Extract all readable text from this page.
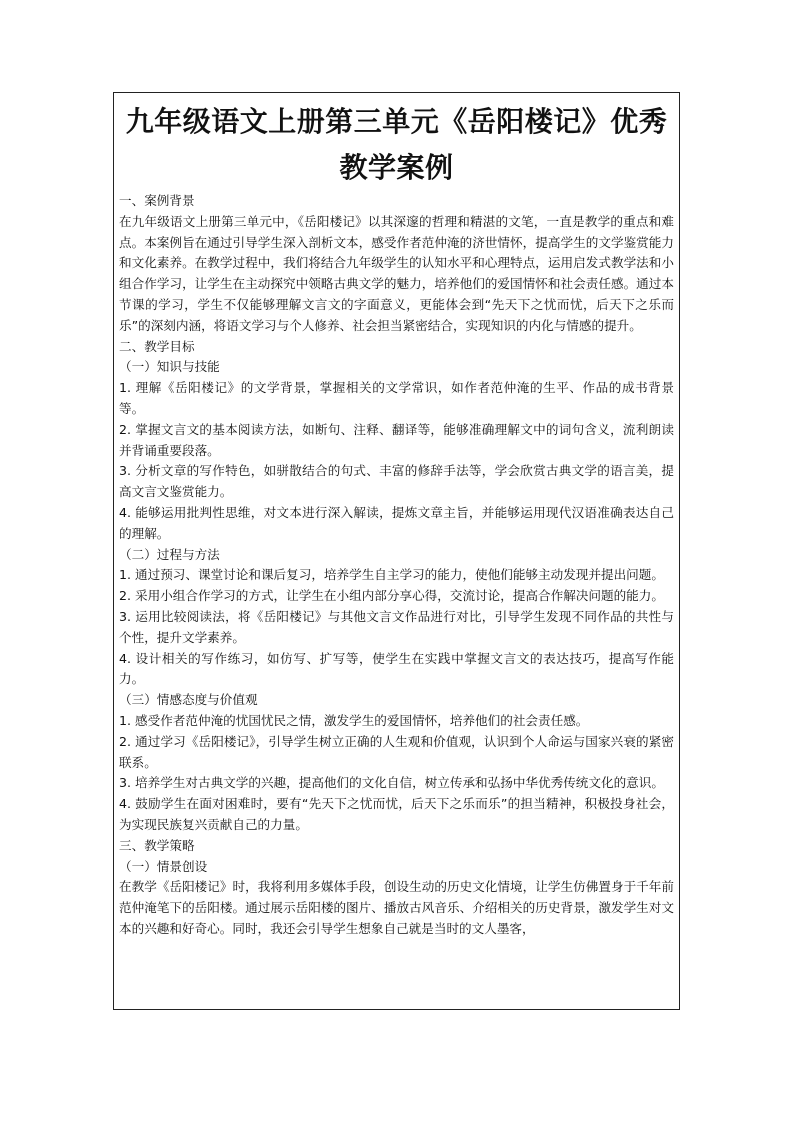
九年级语文上册第三单元《岳阳楼记》优秀教学案例

一、案例背景

在九年级语文上册第三单元中，《岳阳楼记》以其深邃的哲理和精湛的文笔，一直是教学的重点和难点。本案例旨在通过引导学生深入剖析文本，感受作者范仲淹的济世情怀，提高学生的文学鉴赏能力和文化素养。在教学过程中，我们将结合九年级学生的认知水平和心理特点，运用启发式教学法和小组合作学习，让学生在主动探究中领略古典文学的魅力，培养他们的爱国情怀和社会责任感。通过本节课的学习，学生不仅能够理解文言文的字面意义，更能体会到“先天下之忧而忧，后天下之乐而乐”的深刻内涵，将语文学习与个人修养、社会担当紧密结合，实现知识的内化与情感的提升。

二、教学目标

（一）知识与技能

1. 理解《岳阳楼记》的文学背景，掌握相关的文学常识，如作者范仲淹的生平、作品的成书背景等。

2. 掌握文言文的基本阅读方法，如断句、注释、翻译等，能够准确理解文中的词句含义，流利朗读并背诵重要段落。

3. 分析文章的写作特色，如骈散结合的句式、丰富的修辞手法等，学会欣赏古典文学的语言美，提高文言文鉴赏能力。

4. 能够运用批判性思维，对文本进行深入解读，提炼文章主旨，并能够运用现代汉语准确表达自己的理解。

（二）过程与方法

1. 通过预习、课堂讨论和课后复习，培养学生自主学习的能力，使他们能够主动发现并提出问题。

2. 采用小组合作学习的方式，让学生在小组内部分享心得，交流讨论，提高合作解决问题的能力。

3. 运用比较阅读法，将《岳阳楼记》与其他文言文作品进行对比，引导学生发现不同作品的共性与个性，提升文学素养。

4. 设计相关的写作练习，如仿写、扩写等，使学生在实践中掌握文言文的表达技巧，提高写作能力。

（三）情感态度与价值观

1. 感受作者范仲淹的忧国忧民之情，激发学生的爱国情怀，培养他们的社会责任感。

2. 通过学习《岳阳楼记》，引导学生树立正确的人生观和价值观，认识到个人命运与国家兴衰的紧密联系。

3. 培养学生对古典文学的兴趣，提高他们的文化自信，树立传承和弘扬中华优秀传统文化的意识。

4. 鼓励学生在面对困难时，要有“先天下之忧而忧，后天下之乐而乐”的担当精神，积极投身社会，为实现民族复兴贡献自己的力量。

三、教学策略

（一）情景创设

在教学《岳阳楼记》时，我将利用多媒体手段，创设生动的历史文化情境，让学生仿佛置身于千年前范仲淹笔下的岳阳楼。通过展示岳阳楼的图片、播放古风音乐、介绍相关的历史背景，激发学生对文本的兴趣和好奇心。同时，我还会引导学生想象自己就是当时的文人墨客，
